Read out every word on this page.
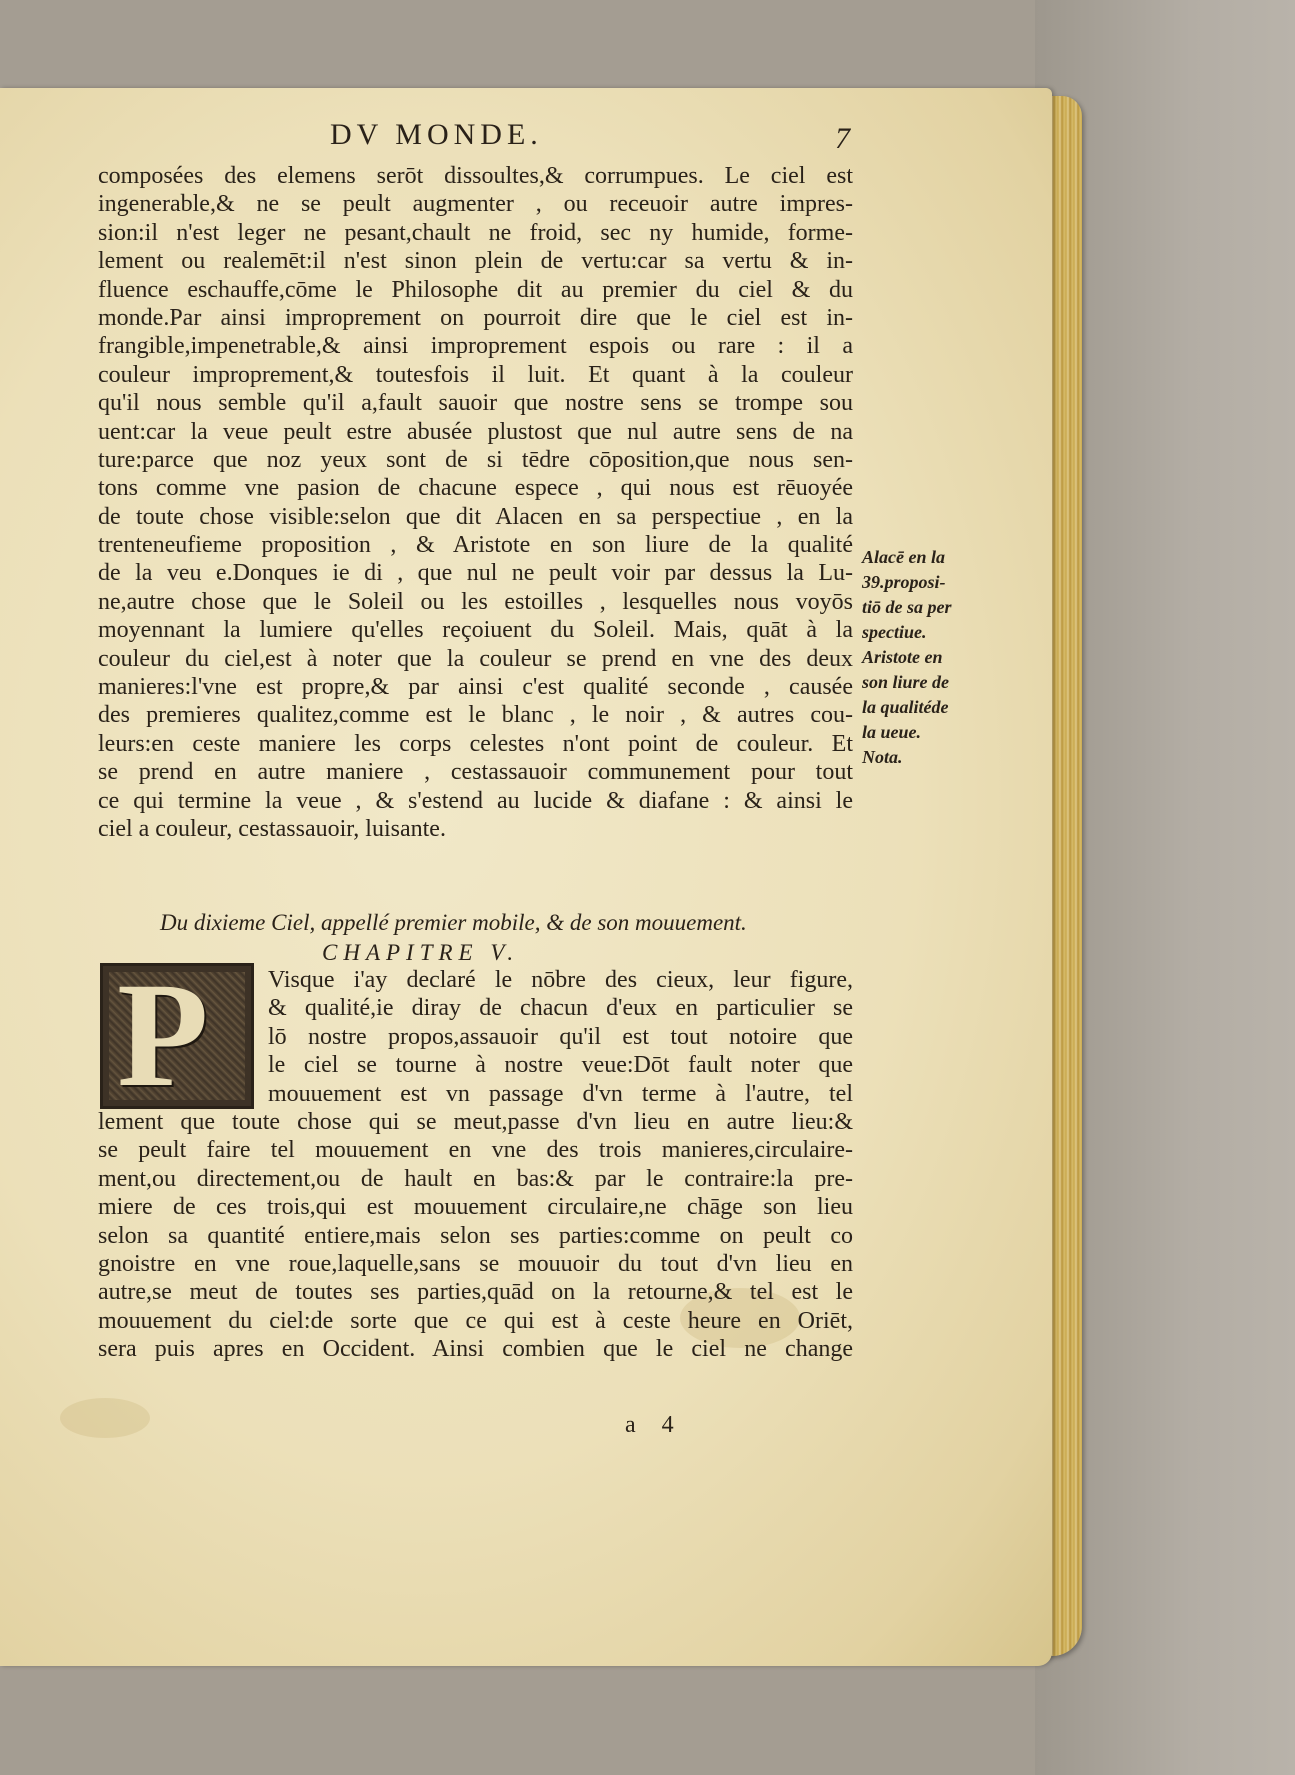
DV MONDE.	7
composées des elemens serōt dissoultes,& corrumpues. Le ciel est
ingenerable,& ne se peult augmenter , ou receuoir autre impres-
sion:il n'est leger ne pesant,chault ne froid, sec ny humide, forme-
lement ou realemēt:il n'est sinon plein de vertu:car sa vertu & in-
fluence eschauffe,cōme le Philosophe dit au premier du ciel & du
monde.Par ainsi improprement on pourroit dire que le ciel est in-
frangible,impenetrable,& ainsi improprement espois ou rare : il a
couleur improprement,& toutesfois il luit. Et quant à la couleur
qu'il nous semble qu'il a,fault sauoir que nostre sens se trompe sou
uent:car la veue peult estre abusée plustost que nul autre sens de na
ture:parce que noz yeux sont de si tēdre cōposition,que nous sen-
tons comme vne pasion de chacune espece , qui nous est rēuoyée
de toute chose visible:selon que dit Alacen en sa perspectiue , en la
trenteneufieme proposition , & Aristote en son liure de la qualité
de la veu e.Donques ie di , que nul ne peult voir par dessus la Lu-
ne,autre chose que le Soleil ou les estoilles , lesquelles nous voyōs
moyennant la lumiere qu'elles reçoiuent du Soleil. Mais, quāt à la
couleur du ciel,est à noter que la couleur se prend en vne des deux
manieres:l'vne est propre,& par ainsi c'est qualité seconde , causée
des premieres qualitez,comme est le blanc , le noir , & autres cou-
leurs:en ceste maniere les corps celestes n'ont point de couleur. Et
se prend en autre maniere , cestassauoir communement pour tout
ce qui termine la veue , & s'estend au lucide & diafane : & ainsi le
ciel a couleur, cestassauoir, luisante.
Du dixieme Ciel, appellé premier mobile, & de son mouuement.
CHAPITRE V.
P	Visque i'ay declaré le nōbre des cieux, leur figure,
& qualité,ie diray de chacun d'eux en particulier se
lō nostre propos,assauoir qu'il est tout notoire que
le ciel se tourne à nostre veue:Dōt fault noter que
mouuement est vn passage d'vn terme à l'autre, tel
lement que toute chose qui se meut,passe d'vn lieu en autre lieu:&
se peult faire tel mouuement en vne des trois manieres,circulaire-
ment,ou directement,ou de hault en bas:& par le contraire:la pre-
miere de ces trois,qui est mouuement circulaire,ne chāge son lieu
selon sa quantité entiere,mais selon ses parties:comme on peult co
gnoistre en vne roue,laquelle,sans se mouuoir du tout d'vn lieu en
autre,se meut de toutes ses parties,quād on la retourne,& tel est le
mouuement du ciel:de sorte que ce qui est à ceste heure en Oriēt,
sera puis apres en Occident. Ainsi combien que le ciel ne change
a 4
Alacē en la
39.proposi-
tiō de sa per
spectiue.
Aristote en
son liure de
la qualitéde
la ueue.
Nota.
